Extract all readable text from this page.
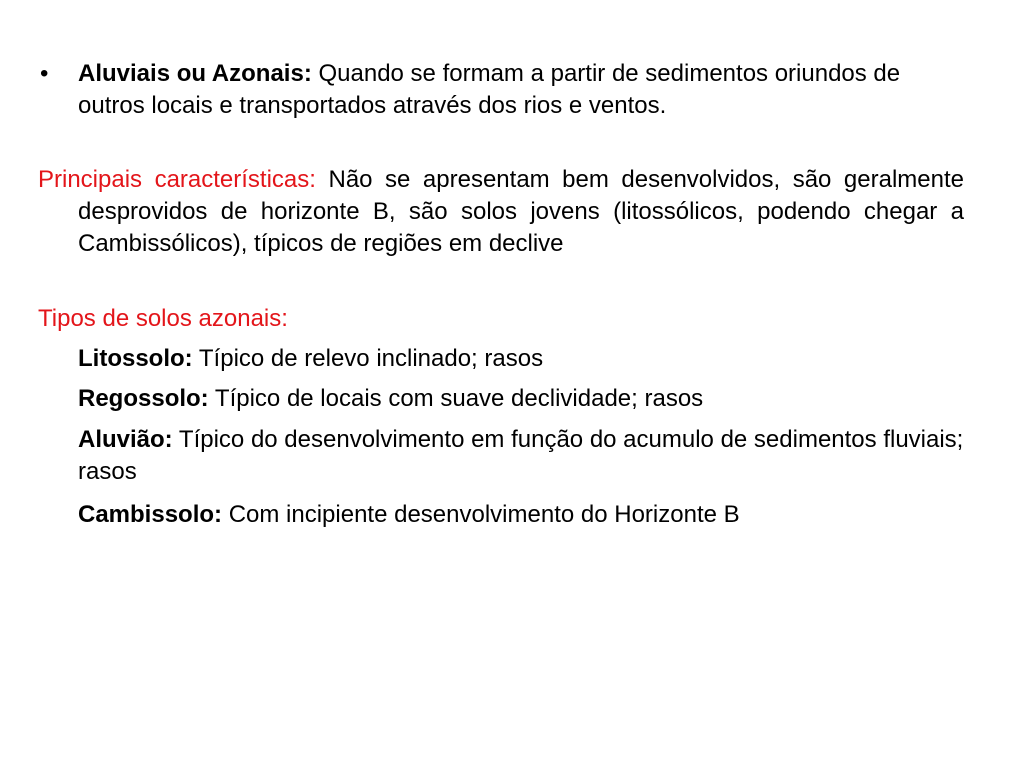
• Aluviais ou Azonais: Quando se formam a partir de sedimentos oriundos de outros locais e transportados através dos rios e ventos.

Principais características: Não se apresentam bem desenvolvidos, são geralmente desprovidos de horizonte B, são solos jovens (litossólicos, podendo chegar a Cambissólicos), típicos de regiões em declive

Tipos de solos azonais:

Litossolo: Típico de relevo inclinado; rasos

Regossolo: Típico de locais com suave declividade; rasos

Aluvião: Típico do desenvolvimento em função do acumulo de sedimentos fluviais; rasos

Cambissolo: Com incipiente desenvolvimento do Horizonte B
